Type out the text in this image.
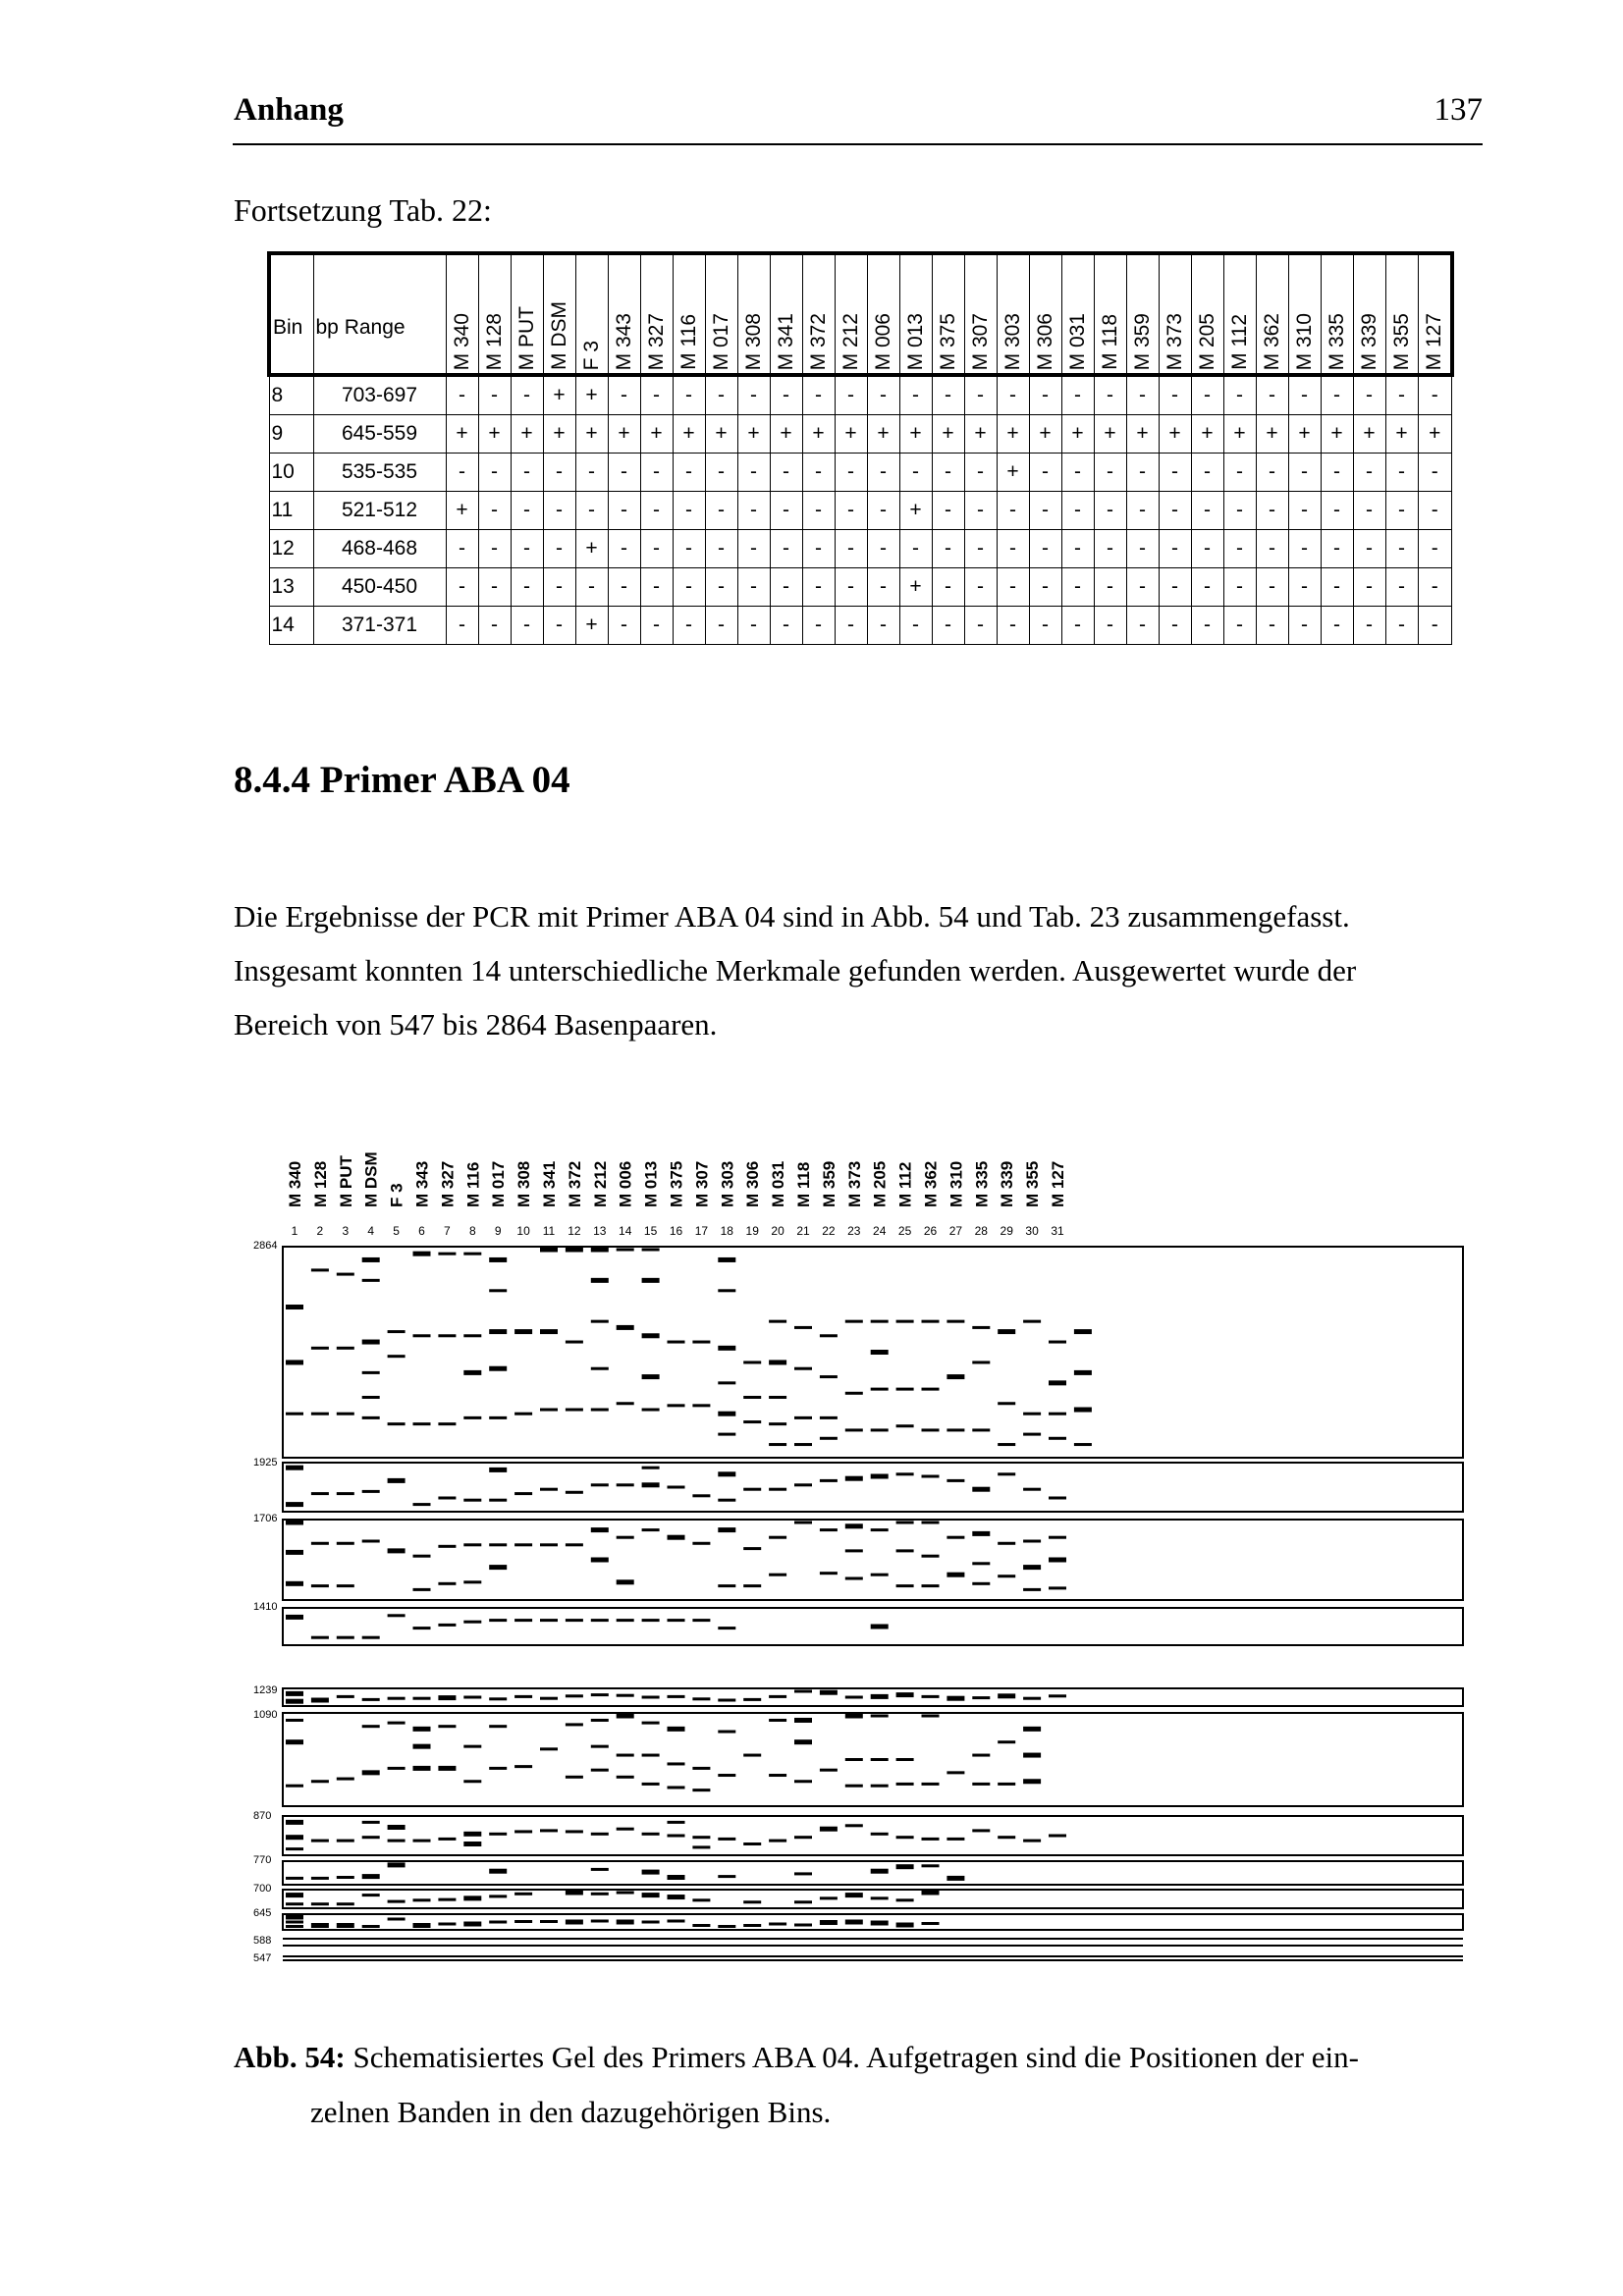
Anhang	137
Fortsetzung Tab. 22:
Bin	bp Range	M 340	M 128	M PUT	M DSM	F 3	M 343	M 327	M 116	M 017	M 308	M 341	M 372	M 212	M 006	M 013	M 375	M 307	M 303	M 306	M 031	M 118	M 359	M 373	M 205	M 112	M 362	M 310	M 335	M 339	M 355	M 127

8	703-697	-	-	-	+	+	-	-	-	-	-	-	-	-	-	-	-	-	-	-	-	-	-	-	-	-	-	-	-	-	-	-
9	645-559	+	+	+	+	+	+	+	+	+	+	+	+	+	+	+	+	+	+	+	+	+	+	+	+	+	+	+	+	+	+	+
10	535-535	-	-	-	-	-	-	-	-	-	-	-	-	-	-	-	-	-	+	-	-	-	-	-	-	-	-	-	-	-	-	-
11	521-512	+	-	-	-	-	-	-	-	-	-	-	-	-	-	+	-	-	-	-	-	-	-	-	-	-	-	-	-	-	-	-
12	468-468	-	-	-	-	+	-	-	-	-	-	-	-	-	-	-	-	-	-	-	-	-	-	-	-	-	-	-	-	-	-	-
13	450-450	-	-	-	-	-	-	-	-	-	-	-	-	-	-	+	-	-	-	-	-	-	-	-	-	-	-	-	-	-	-	-
14	371-371	-	-	-	-	+	-	-	-	-	-	-	-	-	-	-	-	-	-	-	-	-	-	-	-	-	-	-	-	-	-	-
8.4.4 Primer ABA 04

Die Ergebnisse der PCR mit Primer ABA 04 sind in Abb. 54 und Tab. 23 zusammengefasst.

Insgesamt konnten 14 unterschiedliche Merkmale gefunden werden. Ausgewertet wurde der

Bereich von 547 bis 2864 Basenpaaren.

M 340
1
M 128
2
M PUT
3
M DSM
4
F 3
5
M 343
6
M 327
7
M 116
8
M 017
9
M 308
10
M 341
11
M 372
12
M 212
13
M 006
14
M 013
15
M 375
16
M 307
17
M 303
18
M 306
19
M 031
20
M 118
21
M 359
22
M 373
23
M 205
24
M 112
25
M 362
26
M 310
27
M 335
28
M 339
29
M 355
30
M 127
31
547
588
645
700
770
870
1090
1239
1410
1706
1925
2864
Abb. 54: Schematisiertes Gel des Primers ABA 04. Aufgetragen sind die Positionen der ein-
zelnen Banden in den dazugehörigen Bins.
